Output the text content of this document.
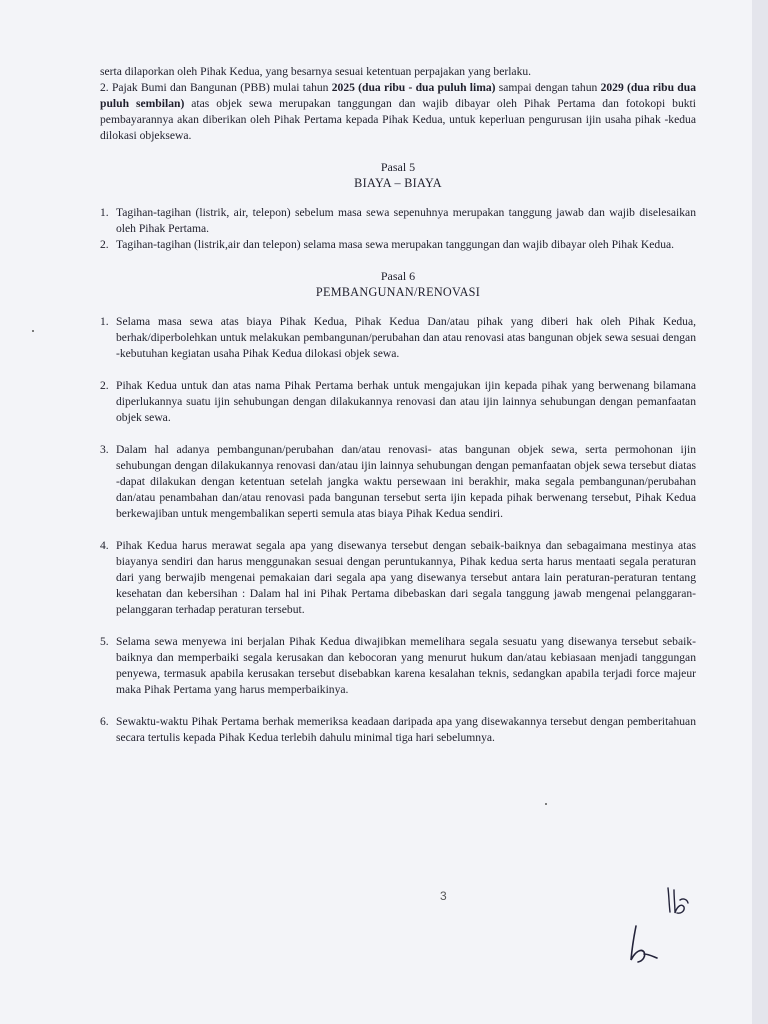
serta dilaporkan oleh Pihak Kedua, yang besarnya sesuai ketentuan perpajakan yang berlaku.

2. Pajak Bumi dan Bangunan (PBB) mulai tahun 2025 (dua ribu - dua puluh lima) sampai dengan tahun 2029 (dua ribu dua puluh sembilan) atas objek sewa merupakan tanggungan dan wajib dibayar oleh Pihak Pertama dan fotokopi bukti pembayarannya akan diberikan oleh Pihak Pertama kepada Pihak Kedua, untuk keperluan pengurusan ijin usaha pihak -kedua dilokasi objeksewa.

Pasal 5

BIAYA – BIAYA

1. Tagihan-tagihan (listrik, air, telepon) sebelum masa sewa sepenuhnya merupakan tanggung jawab dan wajib diselesaikan oleh Pihak Pertama.

2. Tagihan-tagihan (listrik,air dan telepon) selama masa sewa merupakan tanggungan dan wajib dibayar oleh Pihak Kedua.

Pasal 6

PEMBANGUNAN/RENOVASI

1. Selama masa sewa atas biaya Pihak Kedua, Pihak Kedua Dan/atau pihak yang diberi hak oleh Pihak Kedua, berhak/diperbolehkan untuk melakukan pembangunan/perubahan dan atau renovasi atas bangunan objek sewa sesuai dengan -kebutuhan kegiatan usaha Pihak Kedua dilokasi objek sewa.

2. Pihak Kedua untuk dan atas nama Pihak Pertama berhak untuk mengajukan ijin kepada pihak yang berwenang bilamana diperlukannya suatu ijin sehubungan dengan dilakukannya renovasi dan atau ijin lainnya sehubungan dengan pemanfaatan objek sewa.

3. Dalam hal adanya pembangunan/perubahan dan/atau renovasi- atas bangunan objek sewa, serta permohonan ijin sehubungan dengan dilakukannya renovasi dan/atau ijin lainnya sehubungan dengan pemanfaatan objek sewa tersebut diatas -dapat dilakukan dengan ketentuan setelah jangka waktu persewaan ini berakhir, maka segala pembangunan/perubahan dan/atau penambahan dan/atau renovasi pada bangunan tersebut serta ijin kepada pihak berwenang tersebut, Pihak Kedua berkewajiban untuk mengembalikan seperti semula atas biaya Pihak Kedua sendiri.

4. Pihak Kedua harus merawat segala apa yang disewanya tersebut dengan sebaik-baiknya dan sebagaimana mestinya atas biayanya sendiri dan harus menggunakan sesuai dengan peruntukannya, Pihak kedua serta harus mentaati segala peraturan dari yang berwajib mengenai pemakaian dari segala apa yang disewanya tersebut antara lain peraturan-peraturan tentang kesehatan dan kebersihan : Dalam hal ini Pihak Pertama dibebaskan dari segala tanggung jawab mengenai pelanggaran-pelanggaran terhadap peraturan tersebut.

5. Selama sewa menyewa ini berjalan Pihak Kedua diwajibkan memelihara segala sesuatu yang disewanya tersebut sebaik-baiknya dan memperbaiki segala kerusakan dan kebocoran yang menurut hukum dan/atau kebiasaan menjadi tanggungan penyewa, termasuk apabila kerusakan tersebut disebabkan karena kesalahan teknis, sedangkan apabila terjadi force majeur maka Pihak Pertama yang harus memperbaikinya.

6. Sewaktu-waktu Pihak Pertama berhak memeriksa keadaan daripada apa yang disewakannya tersebut dengan pemberitahuan secara tertulis kepada Pihak Kedua terlebih dahulu minimal tiga hari sebelumnya.

3
